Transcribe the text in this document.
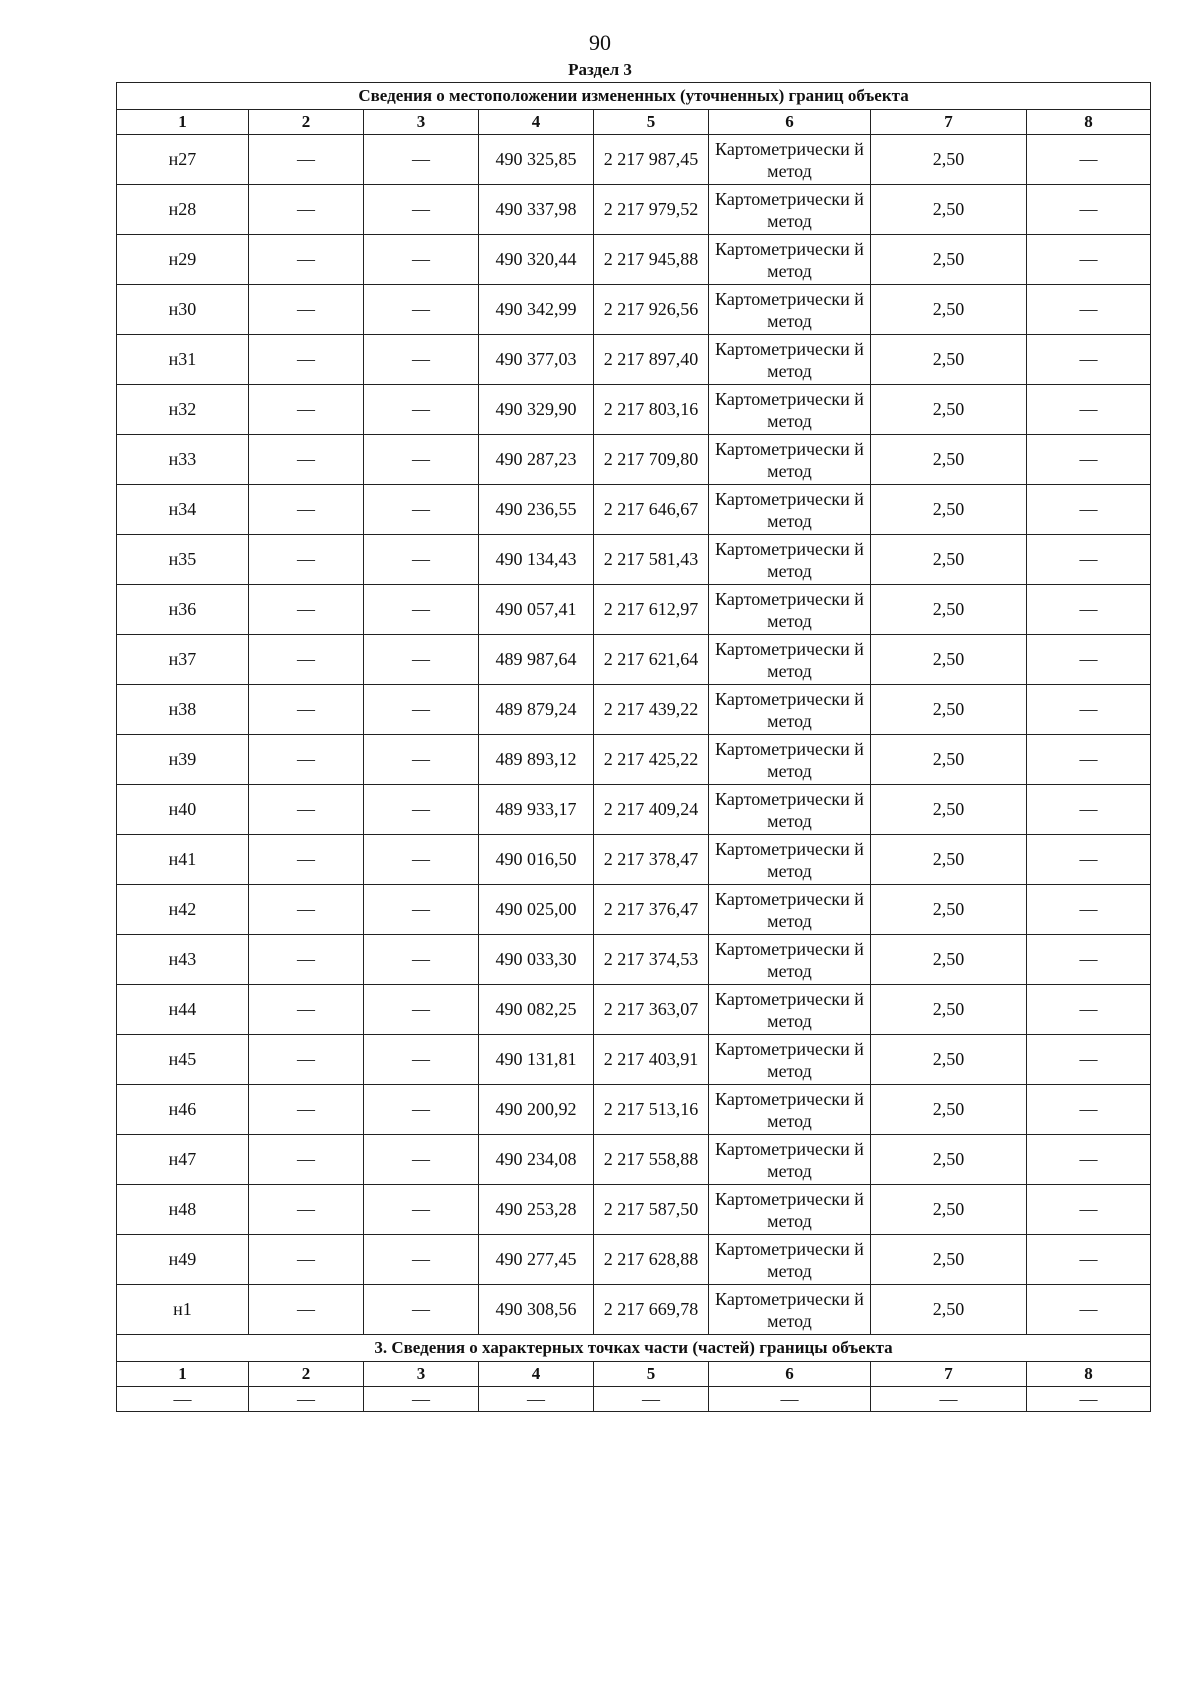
90
Раздел 3
Сведения о местоположении измененных (уточненных) границ объекта							
1	2	3	4	5	6	7	8
н27	—	—	490 325,85	2 217 987,45	Картометрически й метод	2,50	—
н28	—	—	490 337,98	2 217 979,52	Картометрически й метод	2,50	—
н29	—	—	490 320,44	2 217 945,88	Картометрически й метод	2,50	—
н30	—	—	490 342,99	2 217 926,56	Картометрически й метод	2,50	—
н31	—	—	490 377,03	2 217 897,40	Картометрически й метод	2,50	—
н32	—	—	490 329,90	2 217 803,16	Картометрически й метод	2,50	—
н33	—	—	490 287,23	2 217 709,80	Картометрически й метод	2,50	—
н34	—	—	490 236,55	2 217 646,67	Картометрически й метод	2,50	—
н35	—	—	490 134,43	2 217 581,43	Картометрически й метод	2,50	—
н36	—	—	490 057,41	2 217 612,97	Картометрически й метод	2,50	—
н37	—	—	489 987,64	2 217 621,64	Картометрически й метод	2,50	—
н38	—	—	489 879,24	2 217 439,22	Картометрически й метод	2,50	—
н39	—	—	489 893,12	2 217 425,22	Картометрически й метод	2,50	—
н40	—	—	489 933,17	2 217 409,24	Картометрически й метод	2,50	—
н41	—	—	490 016,50	2 217 378,47	Картометрически й метод	2,50	—
н42	—	—	490 025,00	2 217 376,47	Картометрически й метод	2,50	—
н43	—	—	490 033,30	2 217 374,53	Картометрически й метод	2,50	—
н44	—	—	490 082,25	2 217 363,07	Картометрически й метод	2,50	—
н45	—	—	490 131,81	2 217 403,91	Картометрически й метод	2,50	—
н46	—	—	490 200,92	2 217 513,16	Картометрически й метод	2,50	—
н47	—	—	490 234,08	2 217 558,88	Картометрически й метод	2,50	—
н48	—	—	490 253,28	2 217 587,50	Картометрически й метод	2,50	—
н49	—	—	490 277,45	2 217 628,88	Картометрически й метод	2,50	—
н1	—	—	490 308,56	2 217 669,78	Картометрически й метод	2,50	—
3. Сведения о характерных точках части (частей) границы объекта							
1	2	3	4	5	6	7	8
—	—	—	—	—	—	—	—
